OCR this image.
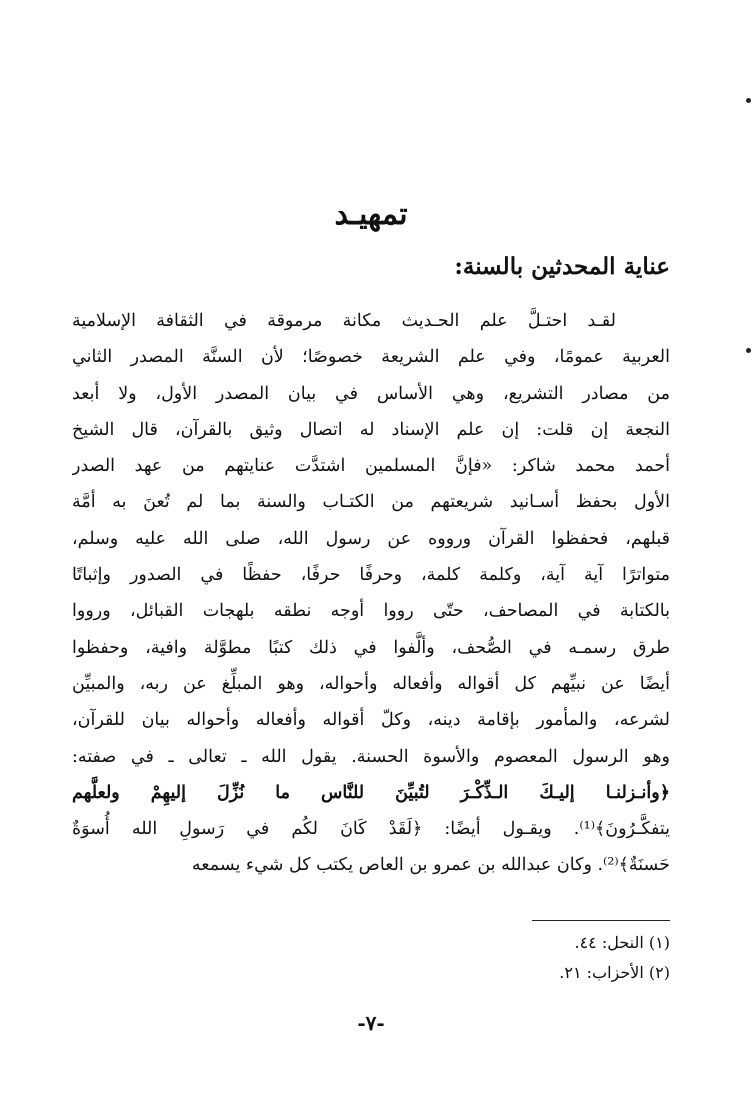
تمهيـد
عناية المحدثين بالسنة:
لقـد احتـلَّ علم الحـديث مكانة مرموقة في الثقافة الإسلامية
العربية عمومًا، وفي علم الشريعة خصوصًا؛ لأن السنَّة المصدر الثاني
من مصادر التشريع، وهي الأساس في بيان المصدر الأول، ولا أبعد
النجعة إن قلت: إن علم الإسناد له اتصال وثيق بالقرآن، قال الشيخ
أحمد محمد شاكر: «فإنَّ المسلمين اشتدَّت عنايتهم من عهد الصدر
الأول بحفظ أسـانيد شريعتهم من الكتـاب والسنة بما لم تُعنَ به أمَّة
قبلهم، فحفظوا القرآن ورووه عن رسول الله، صلى الله عليه وسلم،
متواترًا آية آية، وكلمة كلمة، وحرفًا حرفًا، حفظًا في الصدور وإثباتًا
بالكتابة في المصاحف، حتّى رووا أوجه نطقه بلهجات القبائل، ورووا
طرق رسمـه في الصُّحف، وألَّفوا في ذلك كتبًا مطوَّلة وافية، وحفظوا
أيضًا عن نبيِّهم كل أقواله وأفعاله وأحواله، وهو المبلِّغ عن ربه، والمبيِّن
لشرعه، والمأمور بإقامة دينه، وكلّ أقواله وأفعاله وأحواله بيان للقرآن،
وهو الرسول المعصوم والأسوة الحسنة. يقول الله ـ تعالى ـ في صفته:
﴿وأنـزلنـا إليـكَ الـذِّكْـرَ لتُبيِّنَ للنَّاس ما نُزِّلَ إليهِمْ ولعلَّهم
يتفكَّـرُونَ﴾⁽¹⁾. ويقـول أيضًا: ﴿لَقَدْ كَانَ لكُم في رَسولِ الله أُسوَةٌ
حَسنَةٌ﴾⁽²⁾. وكان عبدالله بن عمرو بن العاص يكتب كل شيء يسمعه
(١) النحل: ٤٤.
(٢) الأحزاب: ٢١.
-٧-
